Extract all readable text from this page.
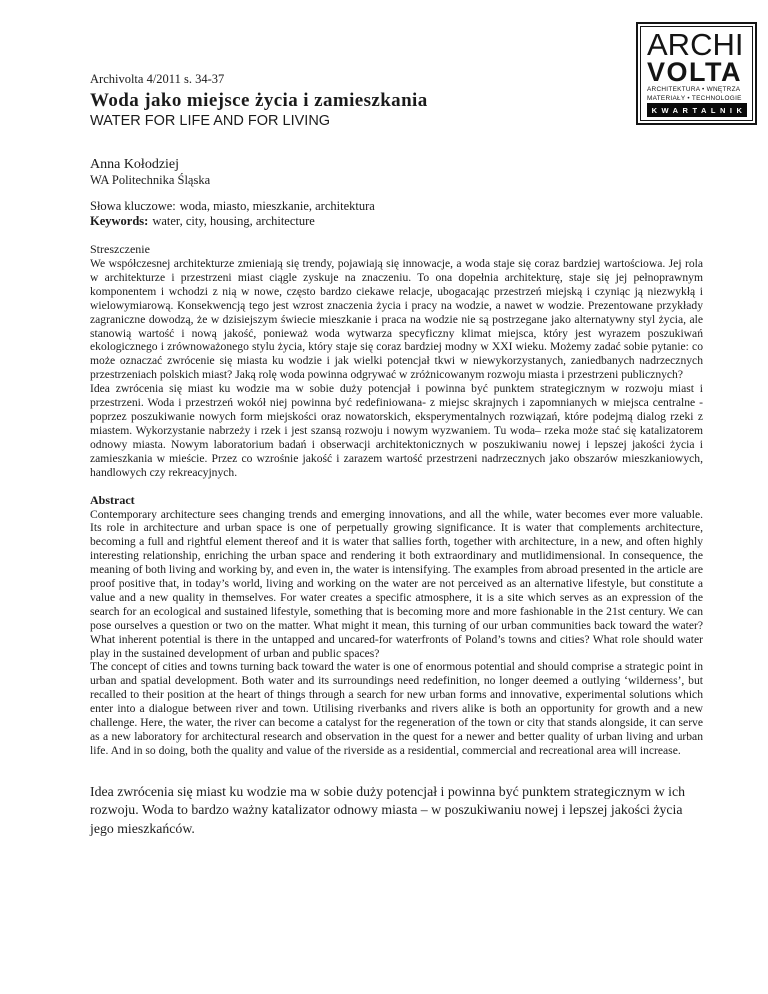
ARCHI
VOLTA
ARCHITEKTURA • WNĘTRZA
MATERIAŁY • TECHNOLOGIE
KWARTALNIK

Archivolta 4/2011 s. 34-37

Woda jako miejsce życia i zamieszkania
WATER FOR LIFE AND FOR LIVING

Anna Kołodziej

WA Politechnika Śląska

Słowa kluczowe: woda, miasto, mieszkanie, architektura

Keywords: water, city, housing, architecture

Streszczenie

We współczesnej architekturze zmieniają się trendy, pojawiają się innowacje, a woda staje się coraz bardziej wartościowa. Jej rola w architekturze i przestrzeni miast ciągle zyskuje na znaczeniu. To ona dopełnia architekturę, staje się jej pełnoprawnym komponentem i wchodzi z nią w nowe, często bardzo ciekawe relacje, ubogacając przestrzeń miejską i czyniąc ją niezwykłą i wielowymiarową. Konsekwencją tego jest wzrost znaczenia życia i pracy na wodzie, a nawet w wodzie. Prezentowane przykłady zagraniczne dowodzą, że w dzisiejszym świecie mieszkanie i praca na wodzie nie są postrzegane jako alternatywny styl życia, ale stanowią wartość i nową jakość, ponieważ woda wytwarza specyficzny klimat miejsca, który jest wyrazem poszukiwań ekologicznego i zrównoważonego stylu życia, który staje się coraz bardziej modny w XXI wieku. Możemy zadać sobie pytanie: co może oznaczać zwrócenie się miasta ku wodzie i jak wielki potencjał tkwi w niewykorzystanych, zaniedbanych nadrzecznych przestrzeniach polskich miast? Jaką rolę woda powinna odgrywać w zróżnicowanym rozwoju miasta i przestrzeni publicznych?

Idea zwrócenia się miast ku wodzie ma w sobie duży potencjał i powinna być punktem strategicznym w rozwoju miast i przestrzeni. Woda i przestrzeń wokół niej powinna być redefiniowana- z miejsc skrajnych i zapomnianych w miejsca centralne - poprzez poszukiwanie nowych form miejskości oraz nowatorskich, eksperymentalnych rozwiązań, które podejmą dialog rzeki z miastem. Wykorzystanie nabrzeży i rzek i jest szansą rozwoju i nowym wyzwaniem. Tu woda– rzeka może stać się katalizatorem odnowy miasta. Nowym laboratorium badań i obserwacji architektonicznych w poszukiwaniu nowej i lepszej jakości życia i zamieszkania w mieście. Przez co wzrośnie jakość i zarazem wartość przestrzeni nadrzecznych jako obszarów mieszkaniowych, handlowych czy rekreacyjnych.

Abstract

Contemporary architecture sees changing trends and emerging innovations, and all the while, water becomes ever more valuable. Its role in architecture and urban space is one of perpetually growing significance. It is water that complements architecture, becoming a full and rightful element thereof and it is water that sallies forth, together with architecture, in a new, and often highly interesting relationship, enriching the urban space and rendering it both extraordinary and mutlidimensional. In consequence, the meaning of both living and working by, and even in, the water is intensifying. The examples from abroad presented in the article are proof positive that, in today’s world, living and working on the water are not perceived as an alternative lifestyle, but constitute a value and a new quality in themselves. For water creates a specific atmosphere, it is a site which serves as an expression of the search for an ecological and sustained lifestyle, something that is becoming more and more fashionable in the 21st century. We can pose ourselves a question or two on the matter. What might it mean, this turning of our urban communities back toward the water? What inherent potential is there in the untapped and uncared-for waterfronts of Poland’s towns and cities? What role should water play in the sustained development of urban and public spaces?

The concept of cities and towns turning back toward the water is one of enormous potential and should comprise a strategic point in urban and spatial development. Both water and its surroundings need redefinition, no longer deemed a outlying ‘wilderness’, but recalled to their position at the heart of things through a search for new urban forms and innovative, experimental solutions which enter into a dialogue between river and town. Utilising riverbanks and rivers alike is both an opportunity for growth and a new challenge. Here, the water, the river can become a catalyst for the regeneration of the town or city that stands alongside, it can serve as a new laboratory for architectural research and observation in the quest for a newer and better quality of urban living and urban life. And in so doing, both the quality and value of the riverside as a residential, commercial and recreational area will increase.

Idea zwrócenia się miast ku wodzie ma w sobie duży potencjał i powinna być punktem strategicznym w ich rozwoju. Woda to bardzo ważny katalizator odnowy miasta – w poszukiwaniu nowej i lepszej jakości życia jego mieszkańców.
